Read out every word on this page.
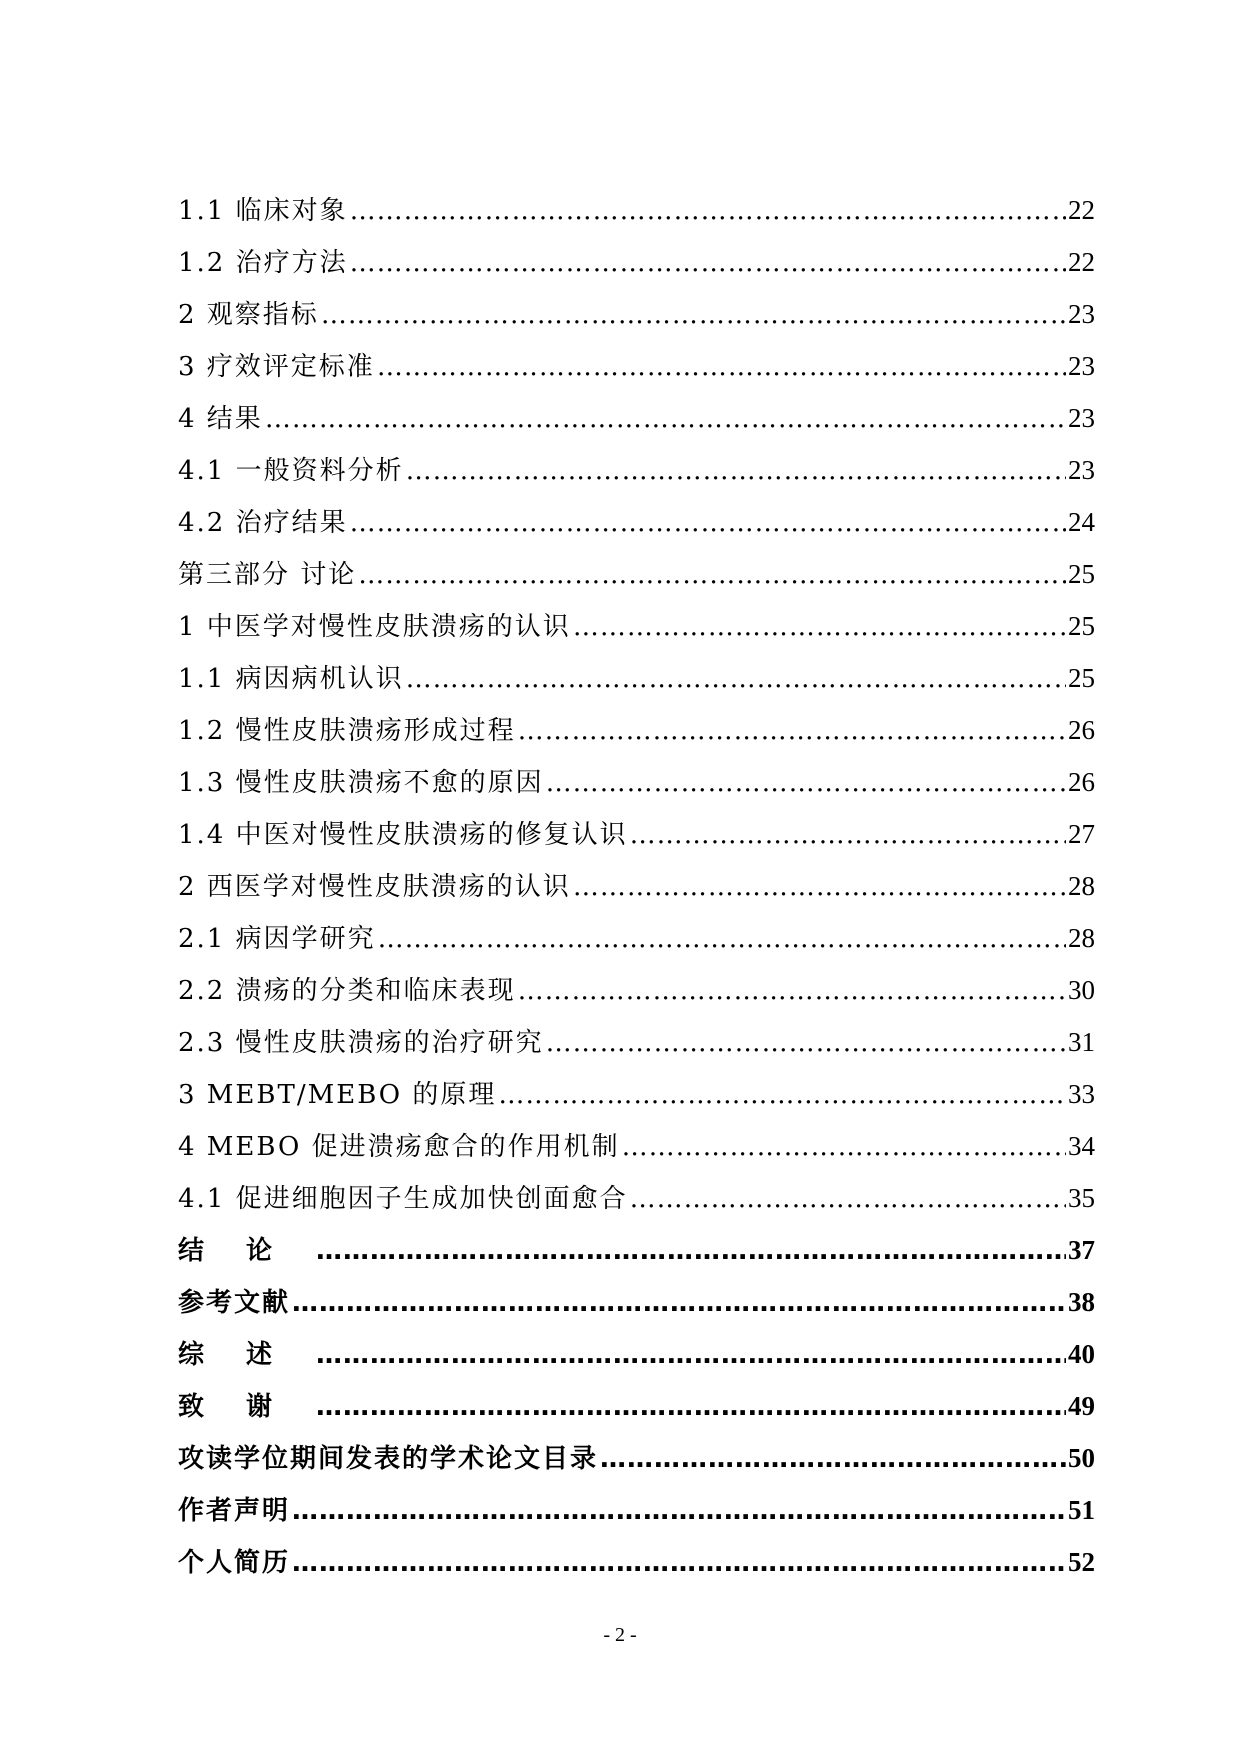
1.1 临床对象 …………………………………………………………………………………………………………………………………………………………………………………………………	22
1.2 治疗方法 …………………………………………………………………………………………………………………………………………………………………………………………………	22
2 观察指标 …………………………………………………………………………………………………………………………………………………………………………………………………	23
3 疗效评定标准 …………………………………………………………………………………………………………………………………………………………………………………………………	23
4 结果 …………………………………………………………………………………………………………………………………………………………………………………………………	23
4.1 一般资料分析 …………………………………………………………………………………………………………………………………………………………………………………………………	23
4.2 治疗结果 …………………………………………………………………………………………………………………………………………………………………………………………………	24
第三部分 讨论 …………………………………………………………………………………………………………………………………………………………………………………………………	25
1 中医学对慢性皮肤溃疡的认识 …………………………………………………………………………………………………………………………………………………………………………………………………	25
1.1 病因病机认识 …………………………………………………………………………………………………………………………………………………………………………………………………	25
1.2 慢性皮肤溃疡形成过程 …………………………………………………………………………………………………………………………………………………………………………………………………	26
1.3 慢性皮肤溃疡不愈的原因 …………………………………………………………………………………………………………………………………………………………………………………………………	26
1.4 中医对慢性皮肤溃疡的修复认识 …………………………………………………………………………………………………………………………………………………………………………………………………	27
2 西医学对慢性皮肤溃疡的认识 …………………………………………………………………………………………………………………………………………………………………………………………………	28
2.1 病因学研究 …………………………………………………………………………………………………………………………………………………………………………………………………	28
2.2 溃疡的分类和临床表现 …………………………………………………………………………………………………………………………………………………………………………………………………	30
2.3 慢性皮肤溃疡的治疗研究 …………………………………………………………………………………………………………………………………………………………………………………………………	31
3 MEBT/MEBO 的原理 …………………………………………………………………………………………………………………………………………………………………………………………………	33
4 MEBO 促进溃疡愈合的作用机制 …………………………………………………………………………………………………………………………………………………………………………………………………	34
4.1 促进细胞因子生成加快创面愈合 …………………………………………………………………………………………………………………………………………………………………………………………………	35
结论 …………………………………………………………………………………………………………………………………………………………………………………………………	37
参考文献 …………………………………………………………………………………………………………………………………………………………………………………………………	38
综述 …………………………………………………………………………………………………………………………………………………………………………………………………	40
致谢 …………………………………………………………………………………………………………………………………………………………………………………………………	49
攻读学位期间发表的学术论文目录 …………………………………………………………………………………………………………………………………………………………………………………………………	50
作者声明 …………………………………………………………………………………………………………………………………………………………………………………………………	51
个人简历 …………………………………………………………………………………………………………………………………………………………………………………………………	52
- 2 -
